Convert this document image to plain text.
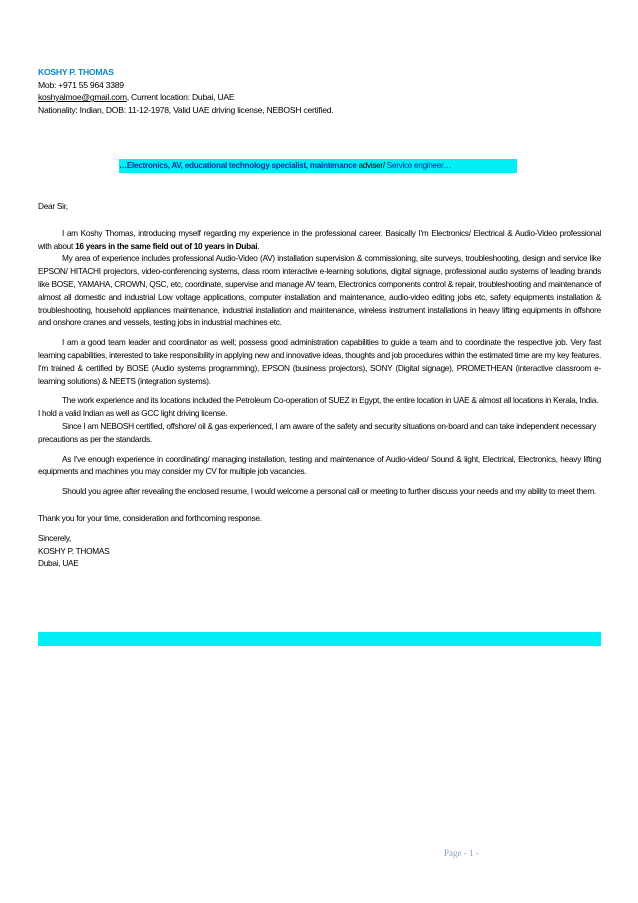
KOSHY P. THOMAS
Mob: +971 55 964 3389
koshyalmoe@gmail.com, Current location: Dubai, UAE
Nationality: Indian, DOB: 11-12-1978, Valid UAE driving license, NEBOSH certified.
…Electronics, AV, educational technology specialist, maintenance adviser/ Service engineer…

Dear Sir,

I am Koshy Thomas, introducing myself regarding my experience in the professional career. Basically I'm Electronics/ Electrical & Audio-Video professional with about 16 years in the same field out of 10 years in Dubai.

My area of experience includes professional Audio-Video (AV) installation supervision & commissioning, site surveys, troubleshooting, design and service like EPSON/ HITACHI projectors, video-conferencing systems, class room interactive e-learning solutions, digital signage, professional audio systems of leading brands like BOSE, YAMAHA, CROWN, QSC, etc, coordinate, supervise and manage AV team, Electronics components control & repair, troubleshooting and maintenance of almost all domestic and industrial Low voltage applications, computer installation and maintenance, audio-video editing jobs etc, safety equipments installation & troubleshooting, household appliances maintenance, industrial installation and maintenance, wireless instrument installations in heavy lifting equipments in offshore and onshore cranes and vessels, testing jobs in industrial machines etc.

I am a good team leader and coordinator as well; possess good administration capabilities to guide a team and to coordinate the respective job. Very fast learning capabilities, interested to take responsibility in applying new and innovative ideas, thoughts and job procedures within the estimated time are my key features. I'm trained & certified by BOSE (Audio systems programming), EPSON (business projectors), SONY (Digital signage), PROMETHEAN (interactive classroom e-learning solutions) & NEETS (integration systems).

The work experience and its locations included the Petroleum Co-operation of SUEZ in Egypt, the entire location in UAE & almost all locations in Kerala, India. I hold a valid Indian as well as GCC light driving license.

Since I am NEBOSH certified, offshore/ oil & gas experienced, I am aware of the safety and security situations on-board and can take independent necessary precautions as per the standards.

As I've enough experience in coordinating/ managing installation, testing and maintenance of Audio-video/ Sound & light, Electrical, Electronics, heavy lifting equipments and machines you may consider my CV for multiple job vacancies.

Should you agree after revealing the enclosed resume, I would welcome a personal call or meeting to further discuss your needs and my ability to meet them.

Thank you for your time, consideration and forthcoming response.

Sincerely,

KOSHY P. THOMAS

Dubai, UAE

Page - 1 -
